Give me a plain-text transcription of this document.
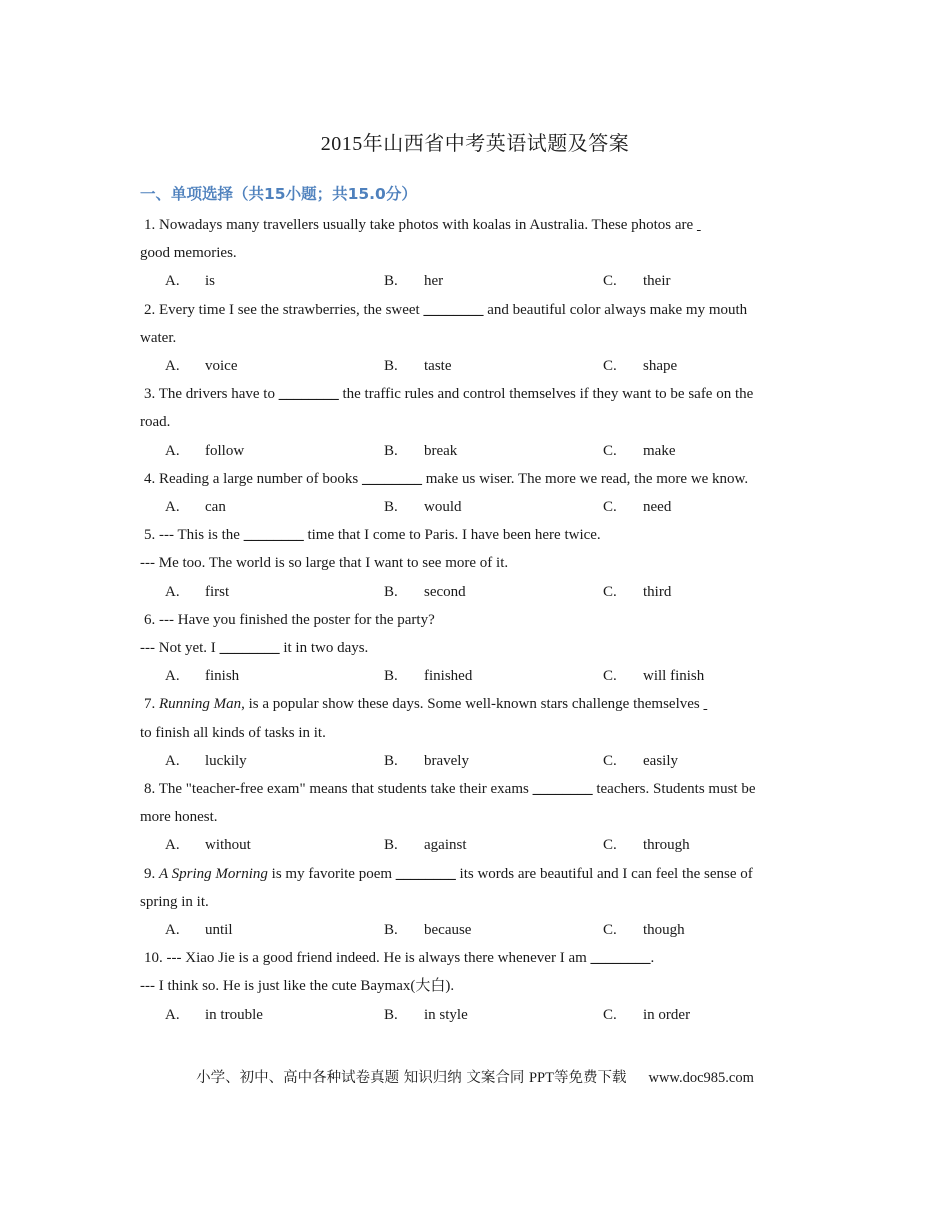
2015年山西省中考英语试题及答案
一、单项选择（共15小题；共15.0分）
1. Nowadays many travellers usually take photos with koalas in Australia. These photos are
good memories.
A. is	B. her	C. their
2. Every time I see the strawberries, the sweet ________ and beautiful color always make my mouth
water.
A. voice	B. taste	C. shape
3. The drivers have to ________ the traffic rules and control themselves if they want to be safe on the
road.
A. follow	B. break	C. make
4. Reading a large number of books ________ make us wiser. The more we read, the more we know.
A. can	B. would	C. need
5. --- This is the ________ time that I come to Paris. I have been here twice.
--- Me too. The world is so large that I want to see more of it.
A. first	B. second	C. third
6. --- Have you finished the poster for the party?
--- Not yet. I ________ it in two days.
A. finish	B. finished	C. will finish
7. Running Man, is a popular show these days. Some well-known stars challenge themselves
to finish all kinds of tasks in it.
A. luckily	B. bravely	C. easily
8. The "teacher-free exam" means that students take their exams ________ teachers. Students must be
more honest.
A. without	B. against	C. through
9. A Spring Morning is my favorite poem ________ its words are beautiful and I can feel the sense of
spring in it.
A. until	B. because	C. though
10. --- Xiao Jie is a good friend indeed. He is always there whenever I am ________.
--- I think so. He is just like the cute Baymax(大白).
A. in trouble	B. in style	C. in order
小学、初中、高中各种试卷真题 知识归纳 文案合同 PPT等免费下载 www.doc985.com
